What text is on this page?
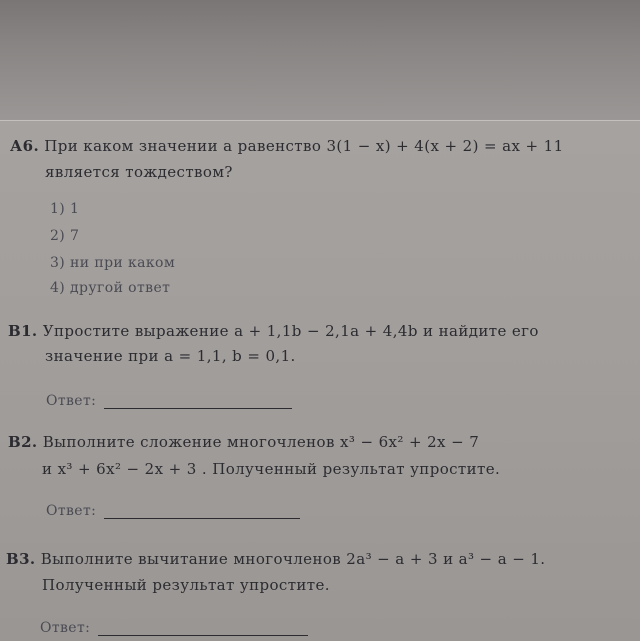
А6. При каком значении a равенство 3(1 − x) + 4(x + 2) = ax + 11
является тождеством?
1) 1
2) 7
3) ни при каком
4) другой ответ
В1. Упростите выражение a + 1,1b − 2,1a + 4,4b и найдите его
значение при a = 1,1, b = 0,1.
Ответ:
В2. Выполните сложение многочленов x³ − 6x² + 2x − 7
и x³ + 6x² − 2x + 3 . Полученный результат упростите.
Ответ:
В3. Выполните вычитание многочленов 2a³ − a + 3 и a³ − a − 1.
Полученный результат упростите.
Ответ:
